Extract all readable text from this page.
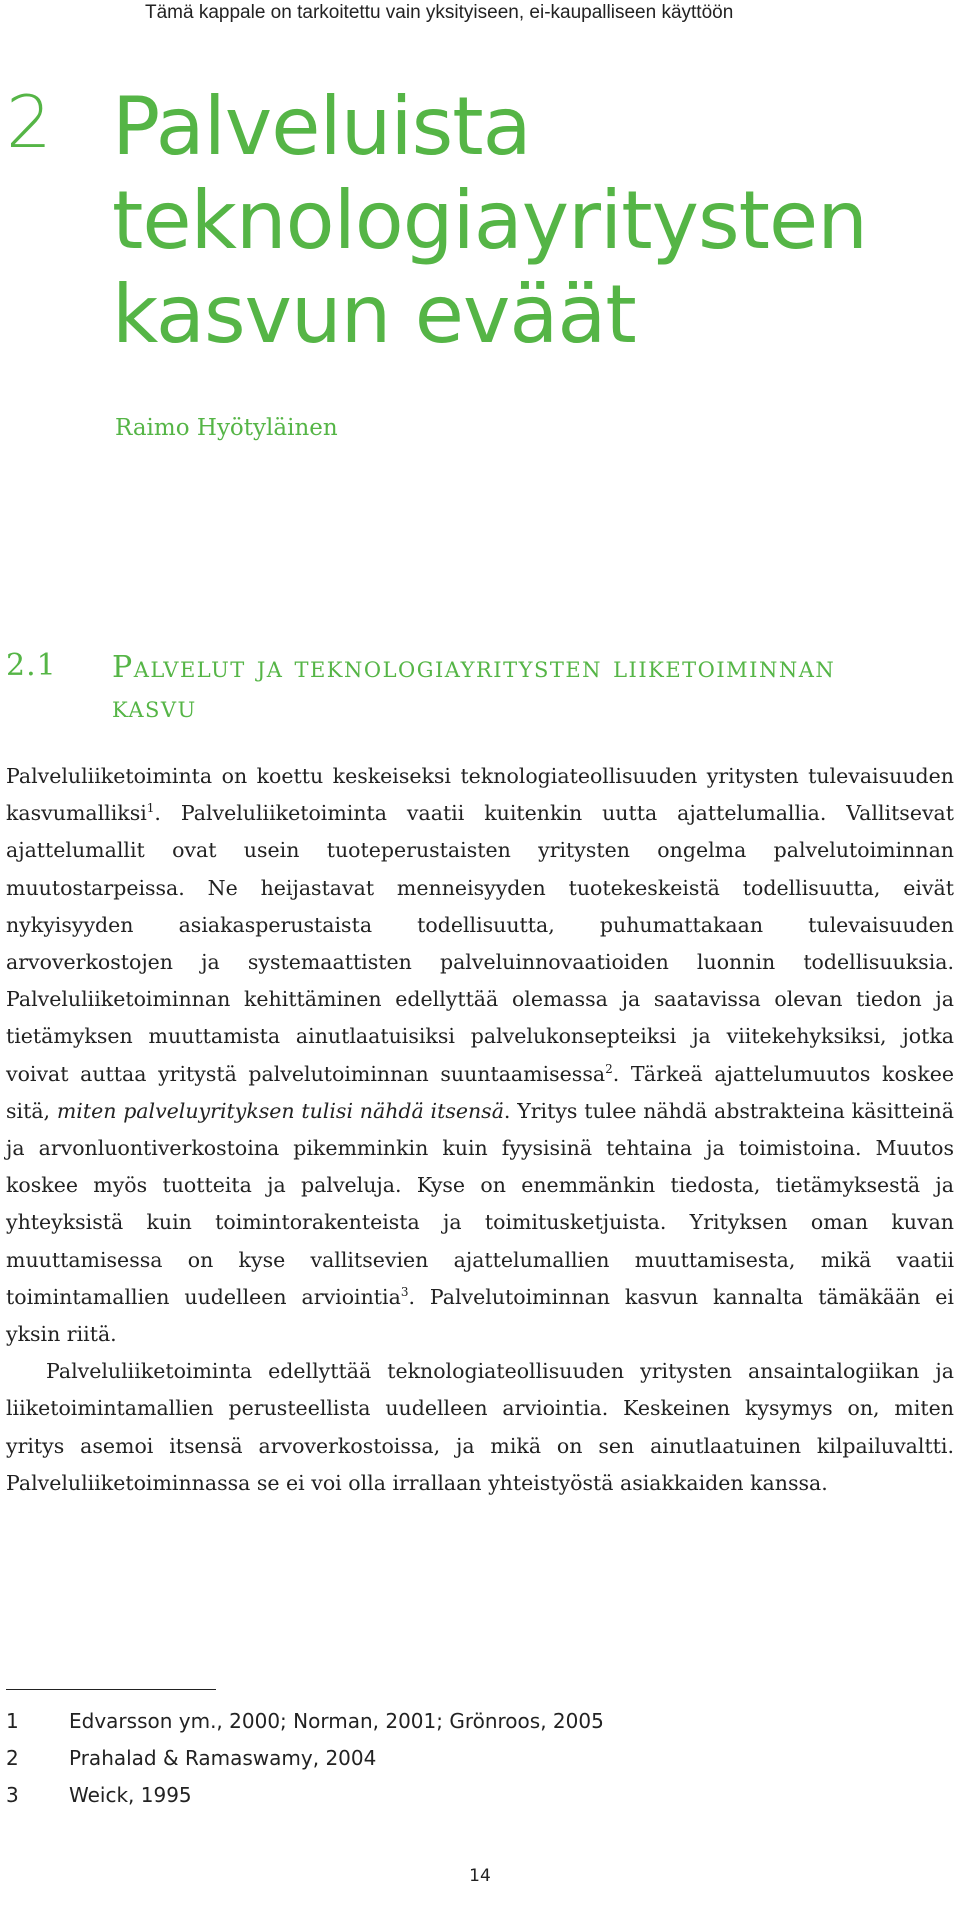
Tämä kappale on tarkoitettu vain yksityiseen, ei-kaupalliseen käyttöön
2 Palveluista
teknologiayritysten
kasvun eväät
Raimo Hyötyläinen
2.1 palvelut ja teknologiayritysten liiketoiminnan kasvu

Palveluliiketoiminta on koettu keskeiseksi teknologiateollisuuden yritysten tulevaisuuden kasvumalliksi$^1$. Palveluliiketoiminta vaatii kuitenkin uutta ajattelumallia. Vallitsevat ajattelumallit ovat usein tuoteperustaisten yritysten ongelma palvelutoiminnan muutostarpeissa. Ne heijastavat menneisyyden tuotekeskeistä todellisuutta, eivät nykyisyyden asiakasperustaista todellisuutta, puhumattakaan tulevaisuuden arvoverkostojen ja systemaattisten palveluinnovaatioiden luonnin todellisuuksia. Palveluliiketoiminnan kehittäminen edellyttää olemassa ja saatavissa olevan tiedon ja tietämyksen muuttamista ainutlaatuisiksi palvelukonsepteiksi ja viitekehyksiksi, jotka voivat auttaa yritystä palvelutoiminnan suuntaamisessa$^2$. Tärkeä ajattelumuutos koskee sitä, miten palveluyrityksen tulisi nähdä itsensä. Yritys tulee nähdä abstrakteina käsitteinä ja arvonluontiverkostoina pikemminkin kuin fyysisinä tehtaina ja toimistoina. Muutos koskee myös tuotteita ja palveluja. Kyse on enemmänkin tiedosta, tietämyksestä ja yhteyksistä kuin toimintorakenteista ja toimitusketjuista. Yrityksen oman kuvan muuttamisessa on kyse vallitsevien ajattelumallien muuttamisesta, mikä vaatii toimintamallien uudelleen arviointia$^3$. Palvelutoiminnan kasvun kannalta tämäkään ei yksin riitä.

Palveluliiketoiminta edellyttää teknologiateollisuuden yritysten ansaintalogiikan ja liiketoimintamallien perusteellista uudelleen arviointia. Keskeinen kysymys on, miten yritys asemoi itsensä arvoverkostoissa, ja mikä on sen ainutlaatuinen kilpailuvaltti. Palveluliiketoiminnassa se ei voi olla irrallaan yhteistyöstä asiakkaiden kanssa.

1	Edvarsson ym., 2000; Norman, 2001; Grönroos, 2005
2	Prahalad & Ramaswamy, 2004
3	Weick, 1995
14
